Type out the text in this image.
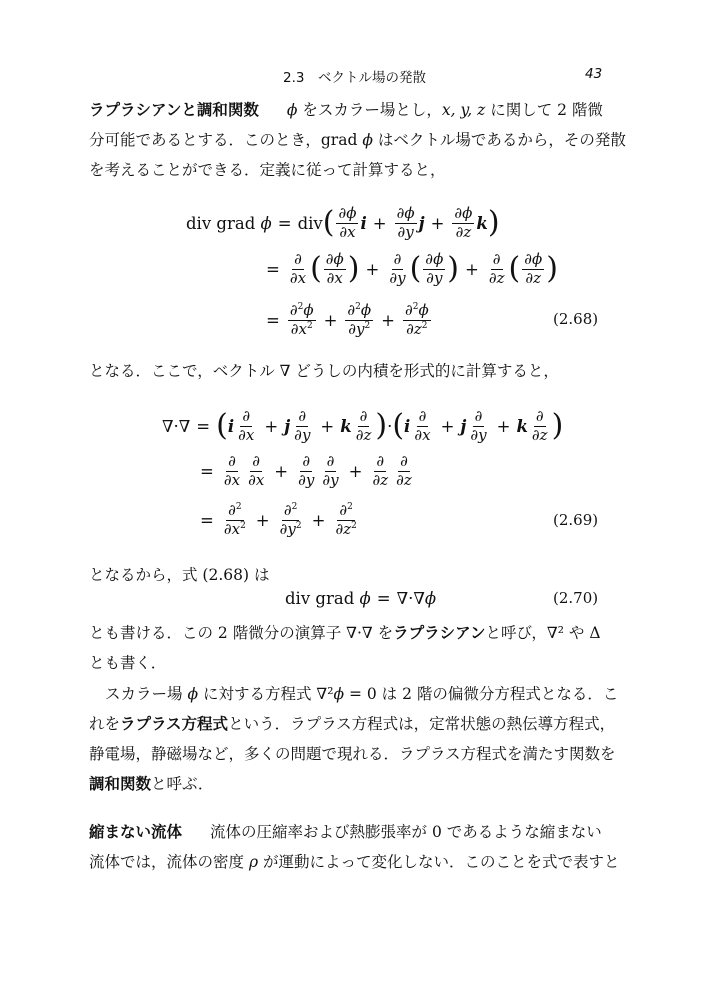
2.3　ベクトル場の発散	43
ラプラシアンと調和関数 ϕ をスカラー場とし，x, y, z に関して 2 階微
分可能であるとする．このとき，grad ϕ はベクトル場であるから，その発散
を考えることができる．定義に従って計算すると，
div grad
ϕ = div ( $\frac{\partial\phi}{\partial x}$ $i + \frac{\partial\phi}{\partial y}$ $j + \frac{\partial\phi}{\partial z}$ k )
= $\frac{\partial}{\partial x}$ ( $\frac{\partial\phi}{\partial x}$ ) + $\frac{\partial}{\partial y}$ ( $\frac{\partial\phi}{\partial y}$ ) + $\frac{\partial}{\partial z}$ ( $\frac{\partial\phi}{\partial z}$ )
= $\frac{\partial^2\phi}{\partial x^2} + \frac{\partial^2\phi}{\partial y^2} + \frac{\partial^2\phi}{\partial z^2}$	(2.68)
となる．ここで，ベクトル ∇ どうしの内積を形式的に計算すると，
∇·∇ = ( i $\frac{\partial}{\partial x} + j \frac{\partial}{\partial y} + k \frac{\partial}{\partial z}$ ) · ( i $\frac{\partial}{\partial x} + j \frac{\partial}{\partial y} + k \frac{\partial}{\partial z}$ )
= $\frac{\partial}{\partial x} \frac{\partial}{\partial x} + \frac{\partial}{\partial y} \frac{\partial}{\partial y} + \frac{\partial}{\partial z} \frac{\partial}{\partial z}$
= $\frac{\partial^2}{\partial x^2} + \frac{\partial^2}{\partial y^2} + \frac{\partial^2}{\partial z^2}$	(2.69)
となるから，式 (2.68) は
div grad
ϕ = ∇·∇ ϕ	(2.70)
とも書ける．この 2 階微分の演算子 ∇·∇ をラプラシアンと呼び，∇² や Δ
とも書く．
スカラー場 ϕ に対する方程式 ∇²ϕ = 0 は 2 階の偏微分方程式となる．こ
れをラプラス方程式という．ラプラス方程式は，定常状態の熱伝導方程式，
静電場，静磁場など，多くの問題で現れる．ラプラス方程式を満たす関数を
調和関数と呼ぶ．
縮まない流体 流体の圧縮率および熱膨張率が 0 であるような縮まない
流体では，流体の密度 ρ が運動によって変化しない．このことを式で表すと
